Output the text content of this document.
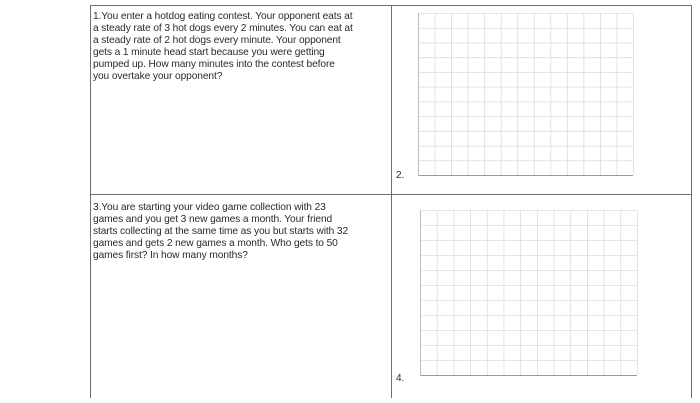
1.You enter a hotdog eating contest. Your opponent eats at

a steady rate of 3 hot dogs every 2 minutes. You can eat at

a steady rate of 2 hot dogs every minute. Your opponent

gets a 1 minute head start because you were getting

pumped up. How many minutes into the contest before

you overtake your opponent?

2.

3.You are starting your video game collection with 23

games and you get 3 new games a month. Your friend

starts collecting at the same time as you but starts with 32

games and gets 2 new games a month. Who gets to 50

games first? In how many months?

4.
